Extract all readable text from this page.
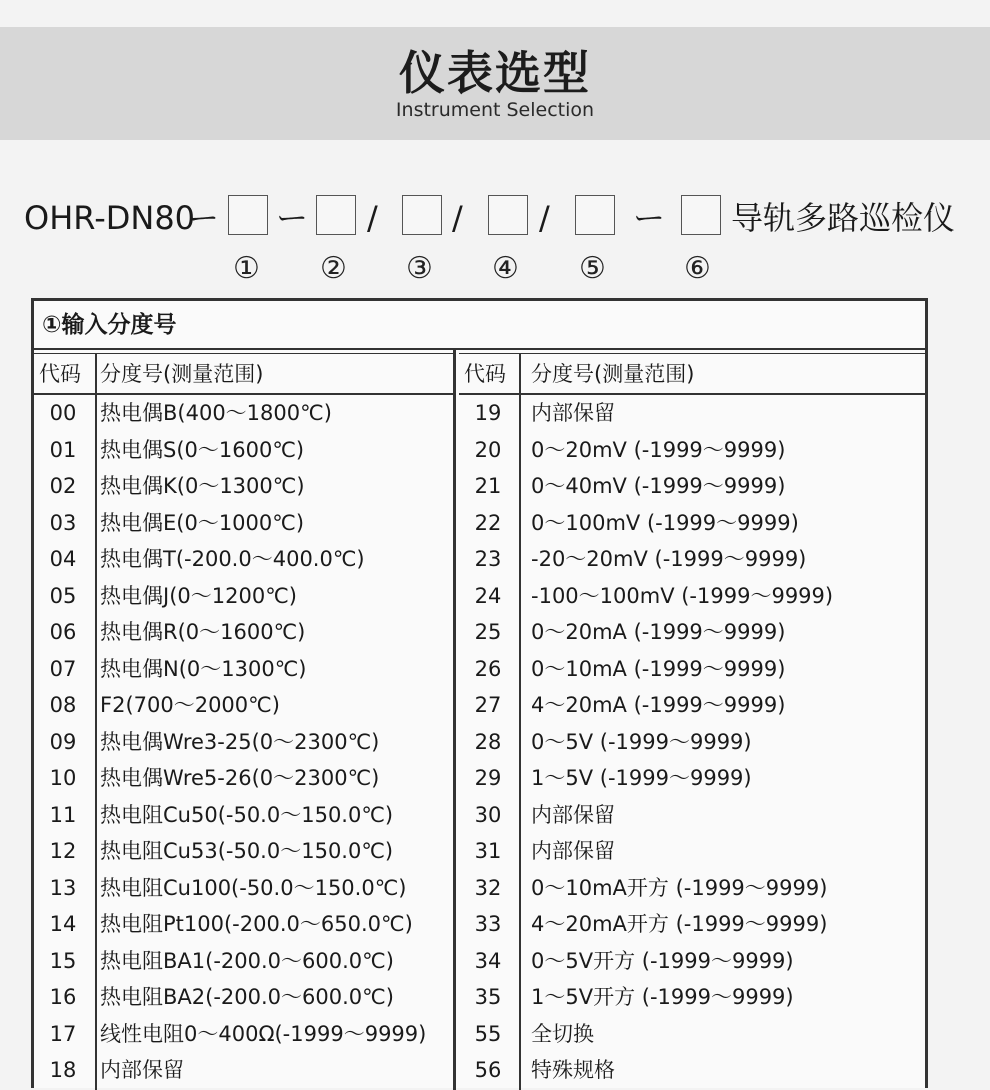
仪表选型
Instrument Selection
OHR-DN80
ー ー / / /	ー 导轨多路巡检仪
① ② ③ ④ ⑤	⑥
①输入分度号
代码 分度号(测量范围)
00	热电偶B(400～1800℃)
01	热电偶S(0～1600℃)
02	热电偶K(0～1300℃)
03	热电偶E(0～1000℃)
04	热电偶T(-200.0～400.0℃)
05	热电偶J(0～1200℃)
06	热电偶R(0～1600℃)
07	热电偶N(0～1300℃)
08	F2(700～2000℃)
09	热电偶Wre3-25(0～2300℃)
10	热电偶Wre5-26(0～2300℃)
11	热电阻Cu50(-50.0～150.0℃)
12	热电阻Cu53(-50.0～150.0℃)
13	热电阻Cu100(-50.0～150.0℃)
14	热电阻Pt100(-200.0～650.0℃)
15	热电阻BA1(-200.0～600.0℃)
16	热电阻BA2(-200.0～600.0℃)
17	线性电阻0～400Ω(-1999～9999)
18	内部保留
代码 分度号(测量范围)
19	内部保留
20	0～20mV (-1999～9999)
21	0～40mV (-1999～9999)
22	0～100mV (-1999～9999)
23	-20～20mV (-1999～9999)
24	-100～100mV (-1999～9999)
25	0～20mA (-1999～9999)
26	0～10mA (-1999～9999)
27	4～20mA (-1999～9999)
28	0～5V (-1999～9999)
29	1～5V (-1999～9999)
30	内部保留
31	内部保留
32	0～10mA开方 (-1999～9999)
33	4～20mA开方 (-1999～9999)
34	0～5V开方 (-1999～9999)
35	1～5V开方 (-1999～9999)
55	全切换
56	特殊规格
